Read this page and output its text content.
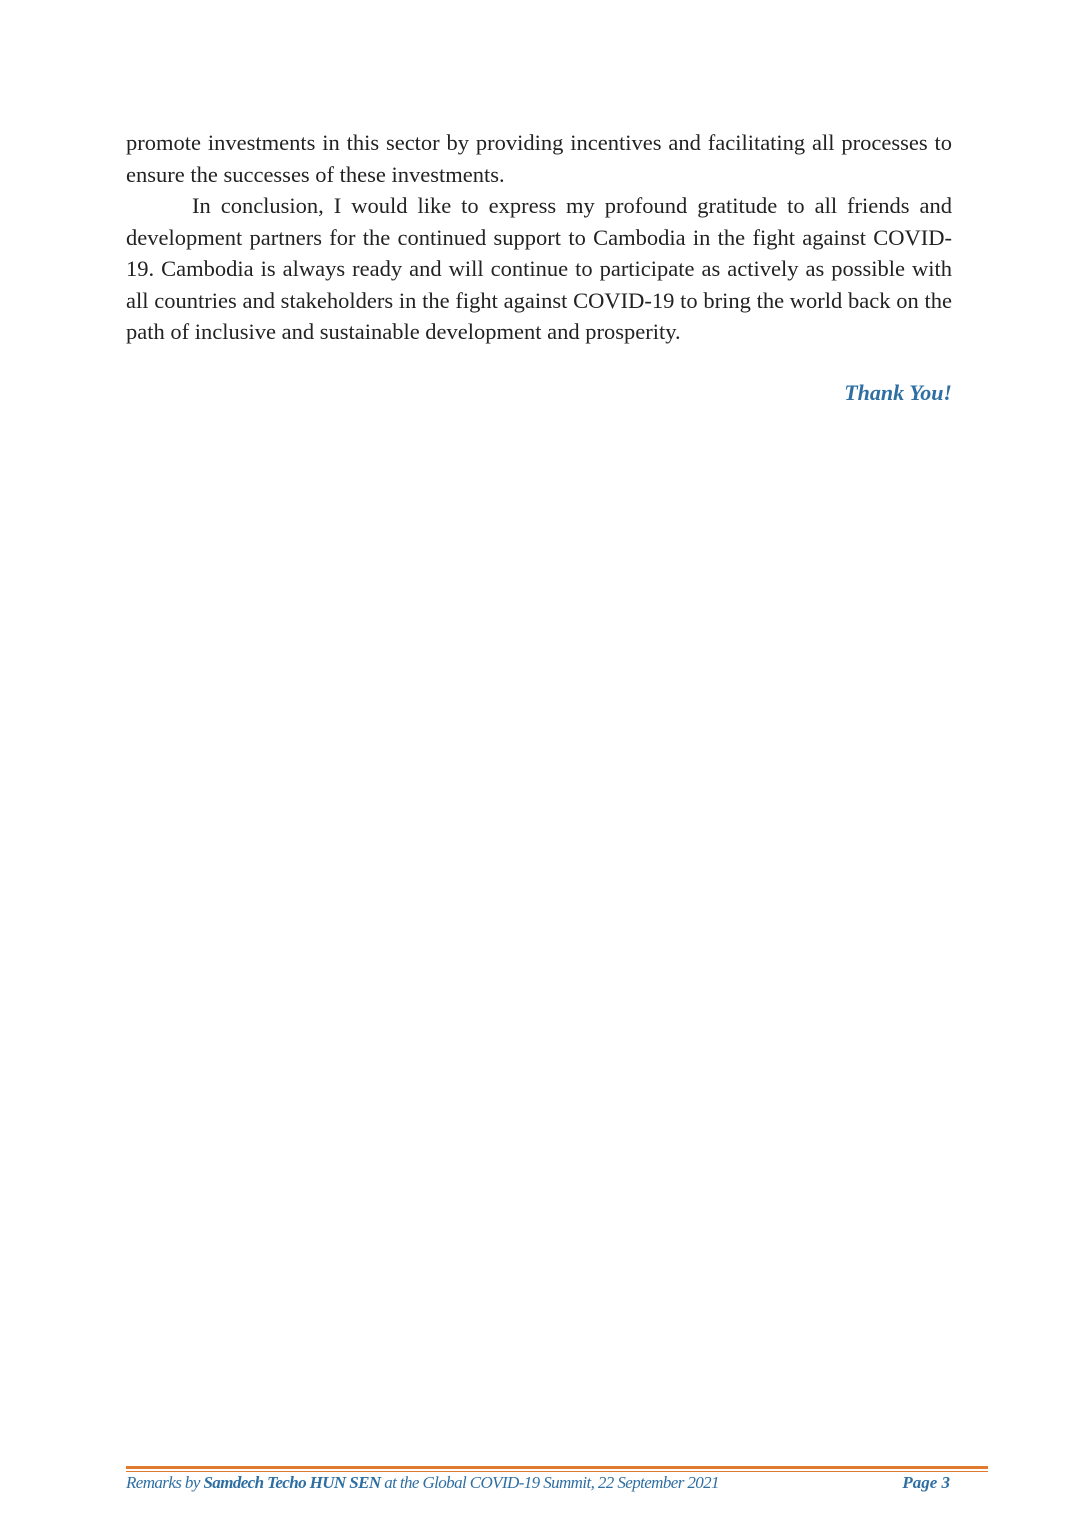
promote investments in this sector by providing incentives and facilitating all processes to ensure the successes of these investments.

In conclusion, I would like to express my profound gratitude to all friends and development partners for the continued support to Cambodia in the fight against COVID-19. Cambodia is always ready and will continue to participate as actively as possible with all countries and stakeholders in the fight against COVID-19 to bring the world back on the path of inclusive and sustainable development and prosperity.

Thank You!
Remarks by Samdech Techo HUN SEN at the Global COVID-19 Summit, 22 September 2021	Page 3
